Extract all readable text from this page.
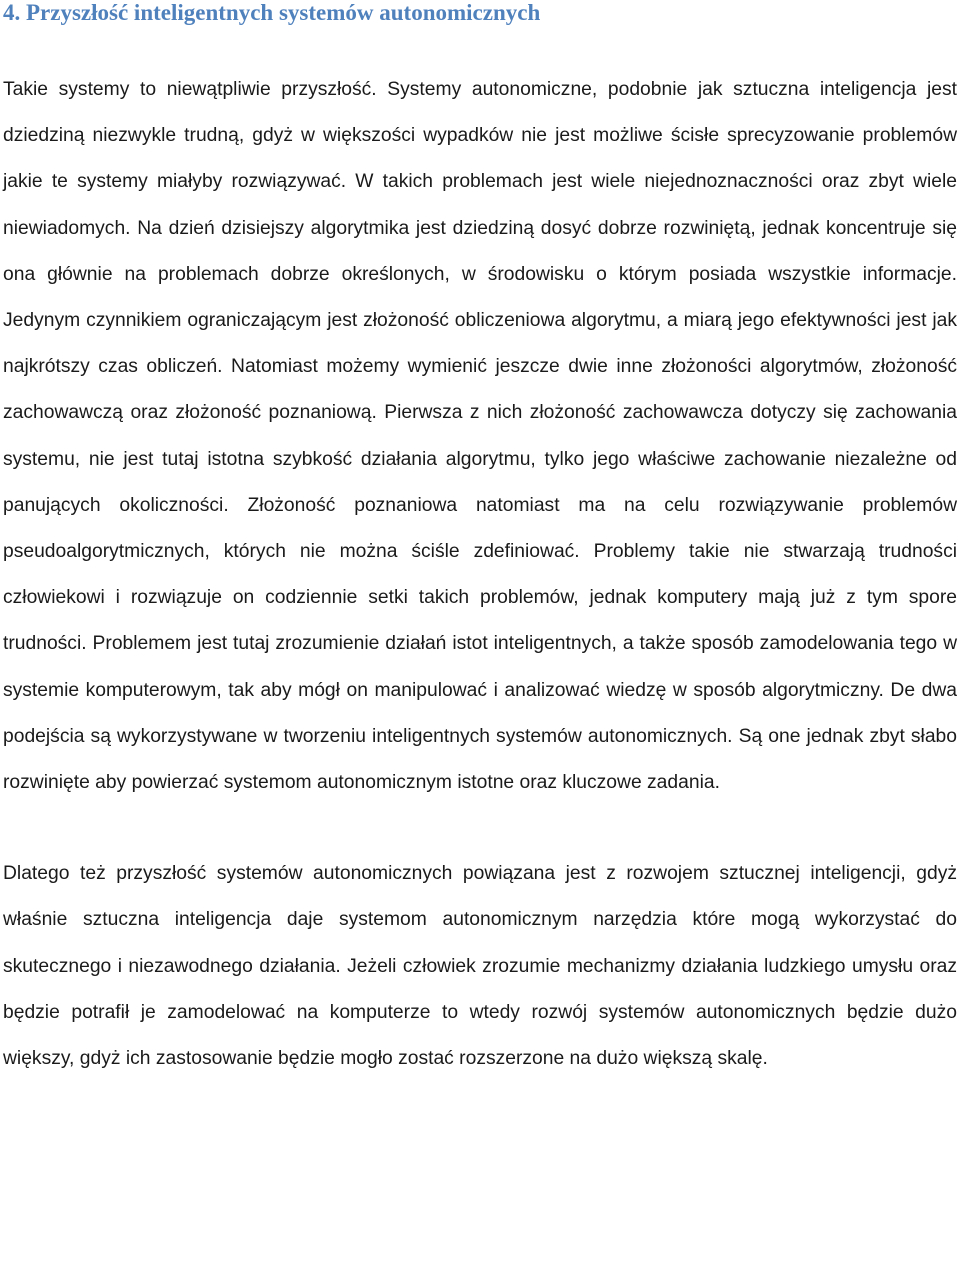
4. Przyszłość inteligentnych systemów autonomicznych

Takie systemy to niewątpliwie przyszłość. Systemy autonomiczne, podobnie jak sztuczna inteligencja jest dziedziną niezwykle trudną, gdyż w większości wypadków nie jest możliwe ścisłe sprecyzowanie problemów jakie te systemy miałyby rozwiązywać. W takich problemach jest wiele niejednoznaczności oraz zbyt wiele niewiadomych. Na dzień dzisiejszy algorytmika jest dziedziną dosyć dobrze rozwiniętą, jednak koncentruje się ona głównie na problemach dobrze określonych, w środowisku o którym posiada wszystkie informacje. Jedynym czynnikiem ograniczającym jest złożoność obliczeniowa algorytmu, a miarą jego efektywności jest jak najkrótszy czas obliczeń. Natomiast możemy wymienić jeszcze dwie inne złożoności algorytmów, złożoność zachowawczą oraz złożoność poznaniową. Pierwsza z nich złożoność zachowawcza dotyczy się zachowania systemu, nie jest tutaj istotna szybkość działania algorytmu, tylko jego właściwe zachowanie niezależne od panujących okoliczności. Złożoność poznaniowa natomiast ma na celu rozwiązywanie problemów pseudoalgorytmicznych, których nie można ściśle zdefiniować. Problemy takie nie stwarzają trudności człowiekowi i rozwiązuje on codziennie setki takich problemów, jednak komputery mają już z tym spore trudności. Problemem jest tutaj zrozumienie działań istot inteligentnych, a także sposób zamodelowania tego w systemie komputerowym, tak aby mógł on manipulować i analizować wiedzę w sposób algorytmiczny. De dwa podejścia są wykorzystywane w tworzeniu inteligentnych systemów autonomicznych. Są one jednak zbyt słabo rozwinięte aby powierzać systemom autonomicznym istotne oraz kluczowe zadania.

Dlatego też przyszłość systemów autonomicznych powiązana jest z rozwojem sztucznej inteligencji, gdyż właśnie sztuczna inteligencja daje systemom autonomicznym narzędzia które mogą wykorzystać do skutecznego i niezawodnego działania. Jeżeli człowiek zrozumie mechanizmy działania ludzkiego umysłu oraz będzie potrafił je zamodelować na komputerze to wtedy rozwój systemów autonomicznych będzie dużo większy, gdyż ich zastosowanie będzie mogło zostać rozszerzone na dużo większą skalę.
